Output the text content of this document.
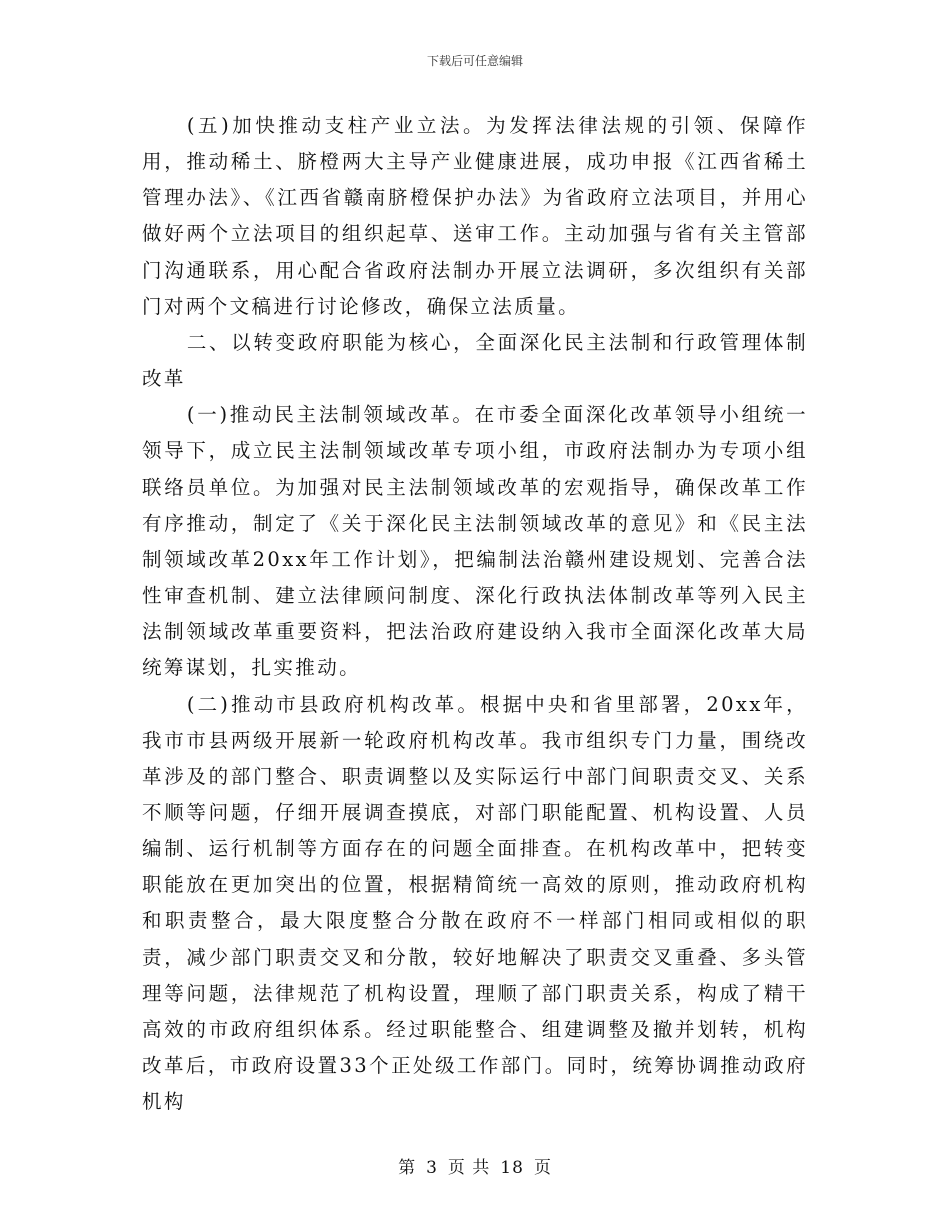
下载后可任意编辑

(五)加快推动支柱产业立法。为发挥法律法规的引领、保障作用，推动稀土、脐橙两大主导产业健康进展，成功申报《江西省稀土管理办法》、《江西省赣南脐橙保护办法》为省政府立法项目，并用心做好两个立法项目的组织起草、送审工作。主动加强与省有关主管部门沟通联系，用心配合省政府法制办开展立法调研，多次组织有关部门对两个文稿进行讨论修改，确保立法质量。

二、以转变政府职能为核心，全面深化民主法制和行政管理体制改革

(一)推动民主法制领域改革。在市委全面深化改革领导小组统一领导下，成立民主法制领域改革专项小组，市政府法制办为专项小组联络员单位。为加强对民主法制领域改革的宏观指导，确保改革工作有序推动，制定了《关于深化民主法制领域改革的意见》和《民主法制领域改革20xx年工作计划》，把编制法治赣州建设规划、完善合法性审查机制、建立法律顾问制度、深化行政执法体制改革等列入民主法制领域改革重要资料，把法治政府建设纳入我市全面深化改革大局统筹谋划，扎实推动。

(二)推动市县政府机构改革。根据中央和省里部署，20xx年，我市市县两级开展新一轮政府机构改革。我市组织专门力量，围绕改革涉及的部门整合、职责调整以及实际运行中部门间职责交叉、关系不顺等问题，仔细开展调查摸底，对部门职能配置、机构设置、人员编制、运行机制等方面存在的问题全面排查。在机构改革中，把转变职能放在更加突出的位置，根据精简统一高效的原则，推动政府机构和职责整合，最大限度整合分散在政府不一样部门相同或相似的职责，减少部门职责交叉和分散，较好地解决了职责交叉重叠、多头管理等问题，法律规范了机构设置，理顺了部门职责关系，构成了精干高效的市政府组织体系。经过职能整合、组建调整及撤并划转，机构改革后，市政府设置33个正处级工作部门。同时，统筹协调推动政府机构

第 3 页 共 18 页
